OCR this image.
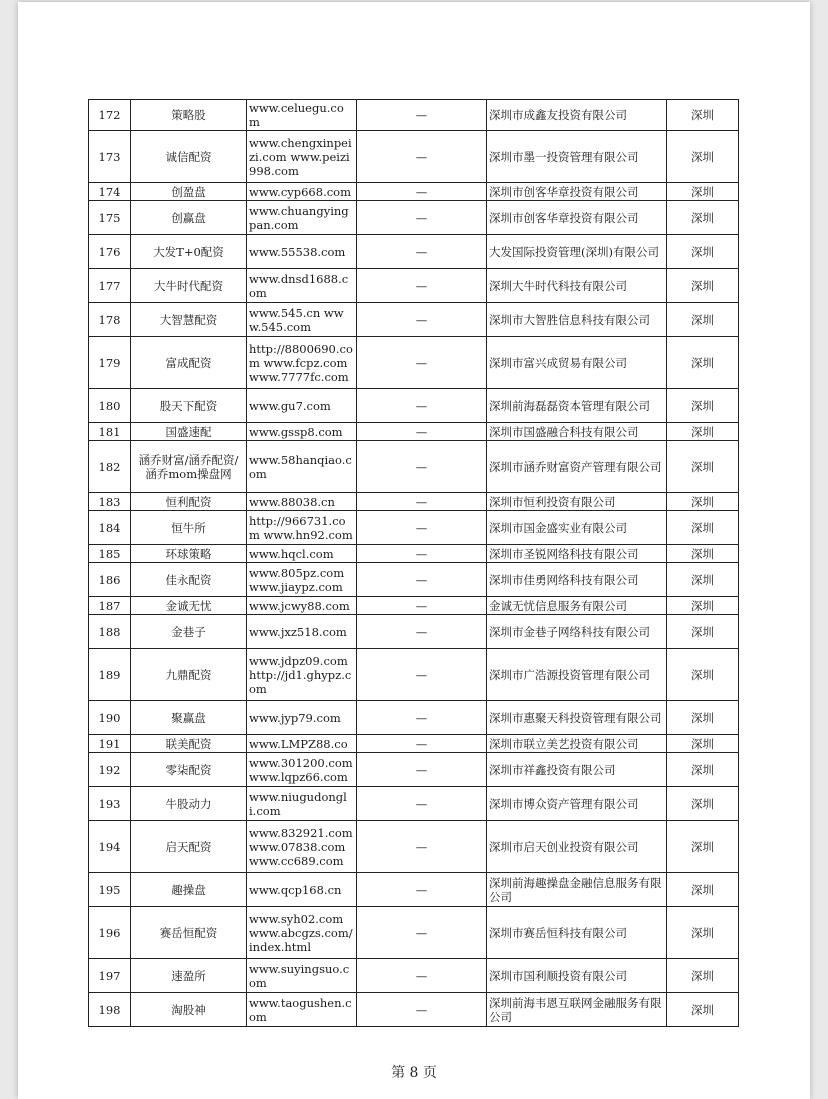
172	策略股	www.celuegu.com	—	深圳市成鑫友投资有限公司	深圳
173	诚信配资	www.chengxinpeizi.com www.peizi998.com	—	深圳市墨一投资管理有限公司	深圳
174	创盈盘	www.cyp668.com	—	深圳市创客华章投资有限公司	深圳
175	创赢盘	www.chuangyingpan.com	—	深圳市创客华章投资有限公司	深圳
176	大发T+0配资	www.55538.com	—	大发国际投资管理(深圳)有限公司	深圳
177	大牛时代配资	www.dnsd1688.com	—	深圳大牛时代科技有限公司	深圳
178	大智慧配资	www.545.cn www.545.com	—	深圳市大智胜信息科技有限公司	深圳
179	富成配资	http://8800690.com www.fcpz.com www.7777fc.com	—	深圳市富兴成贸易有限公司	深圳
180	股天下配资	www.gu7.com	—	深圳前海磊磊资本管理有限公司	深圳
181	国盛速配	www.gssp8.com	—	深圳市国盛融合科技有限公司	深圳
182	涵乔财富/涵乔配资/涵乔mom操盘网	www.58hanqiao.com	—	深圳市涵乔财富资产管理有限公司	深圳
183	恒利配资	www.88038.cn	—	深圳市恒利投资有限公司	深圳
184	恒牛所	http://966731.com www.hn92.com	—	深圳市国金盛实业有限公司	深圳
185	环球策略	www.hqcl.com	—	深圳市圣锐网络科技有限公司	深圳
186	佳永配资	www.805pz.com www.jiaypz.com	—	深圳市佳勇网络科技有限公司	深圳
187	金诚无忧	www.jcwy88.com	—	金诚无忧信息服务有限公司	深圳
188	金巷子	www.jxz518.com	—	深圳市金巷子网络科技有限公司	深圳
189	九鼎配资	www.jdpz09.com http://jd1.ghypz.com	—	深圳市广浩源投资管理有限公司	深圳
190	聚赢盘	www.jyp79.com	—	深圳市惠聚天科投资管理有限公司	深圳
191	联美配资	www.LMPZ88.co	—	深圳市联立美艺投资有限公司	深圳
192	零柒配资	www.301200.com www.lqpz66.com	—	深圳市祥鑫投资有限公司	深圳
193	牛股动力	www.niugudongli.com	—	深圳市博众资产管理有限公司	深圳
194	启天配资	www.832921.com www.07838.com www.cc689.com	—	深圳市启天创业投资有限公司	深圳
195	趣操盘	www.qcp168.cn	—	深圳前海趣操盘金融信息服务有限公司	深圳
196	赛岳恒配资	www.syh02.com www.abcgzs.com/index.html	—	深圳市赛岳恒科技有限公司	深圳
197	速盈所	www.suyingsuo.com	—	深圳市国利顺投资有限公司	深圳
198	淘股神	www.taogushen.com	—	深圳前海韦恩互联网金融服务有限公司	深圳
第 8 页
